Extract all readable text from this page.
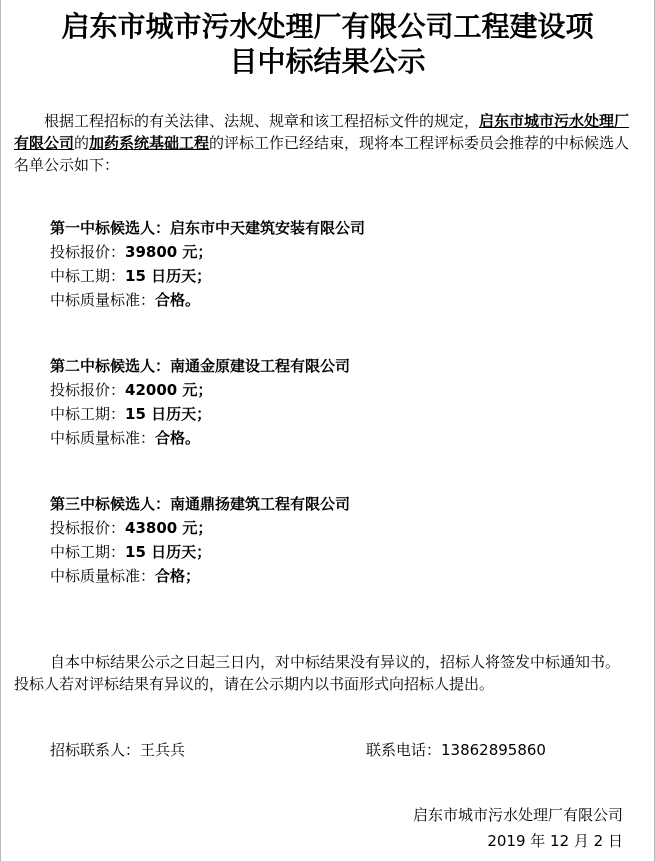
启东市城市污水处理厂有限公司工程建设项
目中标结果公示

根据工程招标的有关法律、法规、规章和该工程招标文件的规定，启东市城市污水处理厂有限公司的加药系统基础工程的评标工作已经结束，现将本工程评标委员会推荐的中标候选人名单公示如下：

第一中标候选人：启东市中天建筑安装有限公司
投标报价：39800 元；
中标工期：15 日历天；
中标质量标准：合格。
第二中标候选人：南通金原建设工程有限公司
投标报价：42000 元；
中标工期：15 日历天；
中标质量标准：合格。
第三中标候选人：南通鼎扬建筑工程有限公司
投标报价：43800 元；
中标工期：15 日历天；
中标质量标准：合格；

自本中标结果公示之日起三日内，对中标结果没有异议的，招标人将签发中标通知书。投标人若对评标结果有异议的，请在公示期内以书面形式向招标人提出。

招标联系人：王兵兵	联系电话：13862895860
启东市城市污水处理厂有限公司
2019 年 12 月 2 日
